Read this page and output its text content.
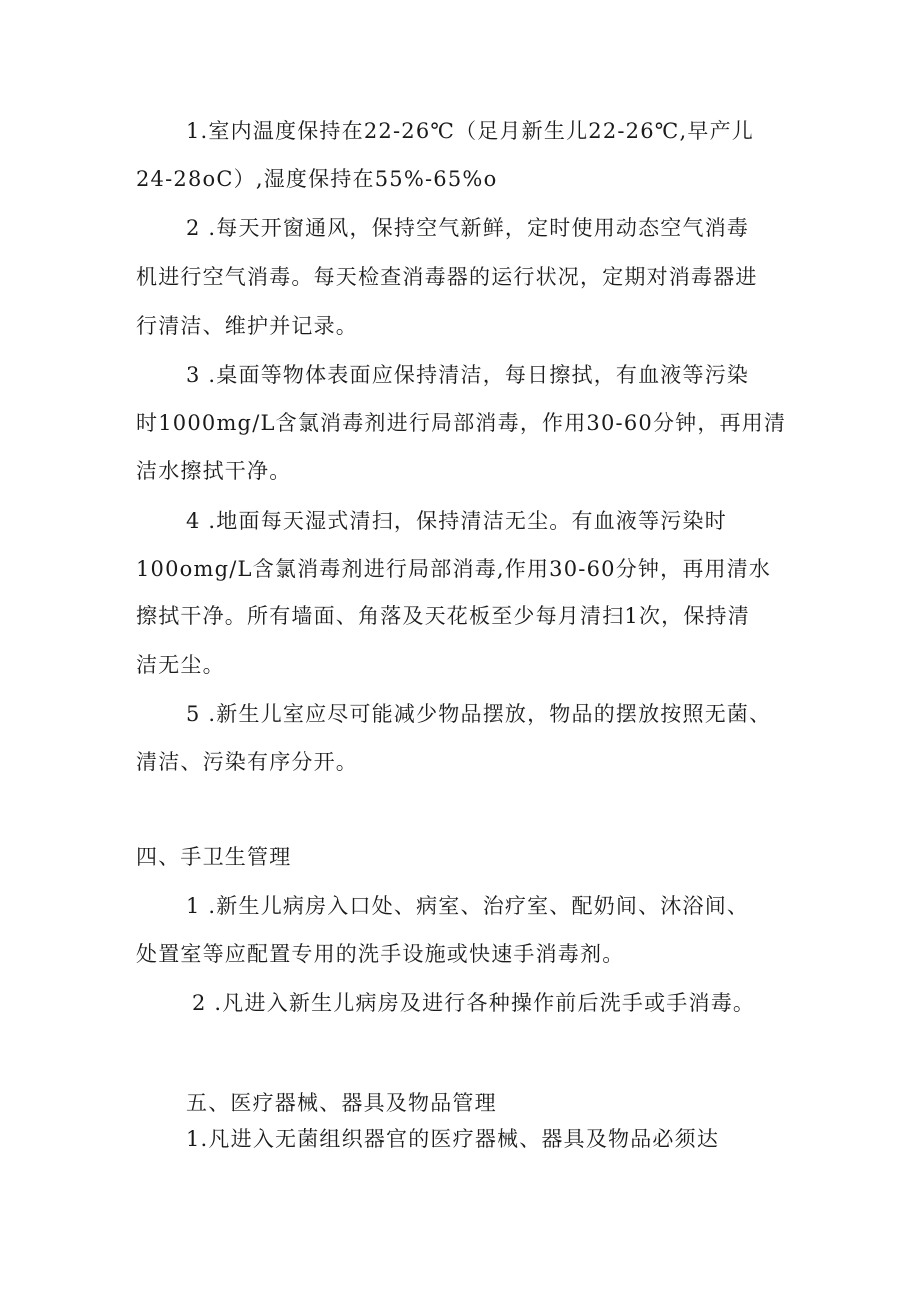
1.室内温度保持在22-26℃（足月新生儿22-26℃,早产儿
24-28oC）,湿度保持在55%-65%o
2 .每天开窗通风，保持空气新鲜，定时使用动态空气消毒
机进行空气消毒。每天检查消毒器的运行状况，定期对消毒器进
行清洁、维护并记录。
3 .桌面等物体表面应保持清洁，每日擦拭，有血液等污染
时1000mg/L含氯消毒剂进行局部消毒，作用30-60分钟，再用清
洁水擦拭干净。
4 .地面每天湿式清扫，保持清洁无尘。有血液等污染时
100omg/L含氯消毒剂进行局部消毒,作用30-60分钟，再用清水
擦拭干净。所有墙面、角落及天花板至少每月清扫1次，保持清
洁无尘。
5 .新生儿室应尽可能减少物品摆放，物品的摆放按照无菌、
清洁、污染有序分开。
四、手卫生管理
1 .新生儿病房入口处、病室、治疗室、配奶间、沐浴间、
处置室等应配置专用的洗手设施或快速手消毒剂。
2 .凡进入新生儿病房及进行各种操作前后洗手或手消毒。
五、医疗器械、器具及物品管理
1.凡进入无菌组织器官的医疗器械、器具及物品必须达
